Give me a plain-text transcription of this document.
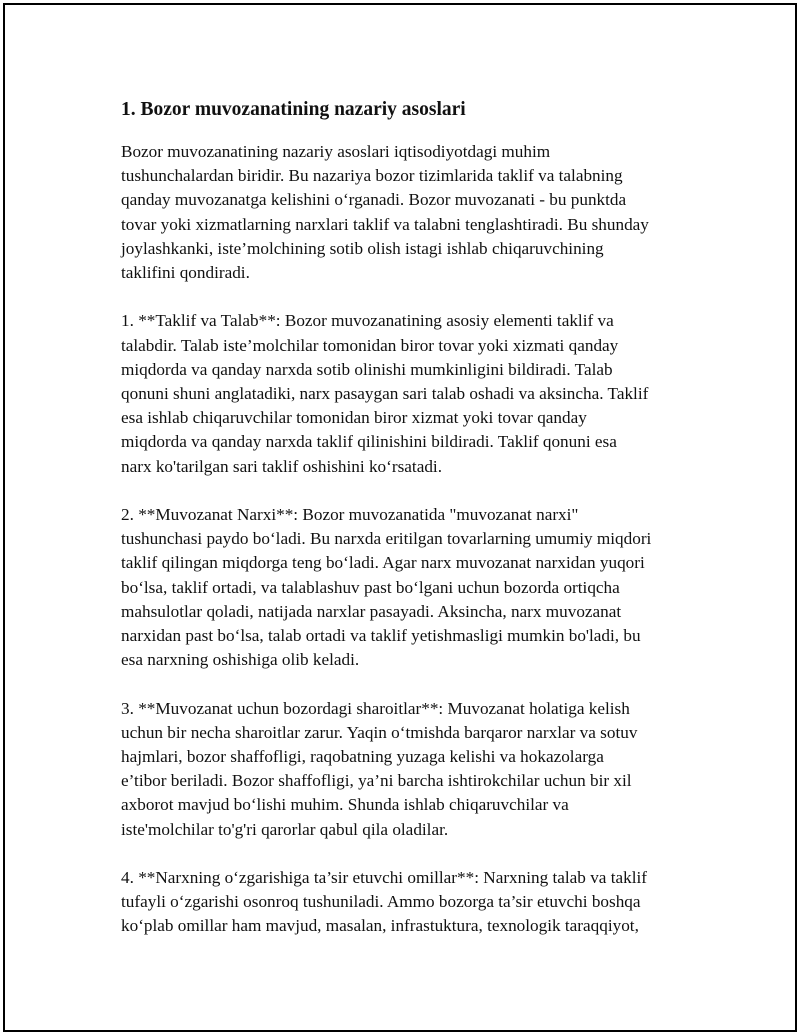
1. Bozor muvozanatining nazariy asoslari

Bozor muvozanatining nazariy asoslari iqtisodiyotdagi muhim
tushunchalardan biridir. Bu nazariya bozor tizimlarida taklif va talabning
qanday muvozanatga kelishini o‘rganadi. Bozor muvozanati - bu punktda
tovar yoki xizmatlarning narxlari taklif va talabni tenglashtiradi. Bu shunday
joylashkanki, iste’molchining sotib olish istagi ishlab chiqaruvchining
taklifini qondiradi.

1. **Taklif va Talab**: Bozor muvozanatining asosiy elementi taklif va
talabdir. Talab iste’molchilar tomonidan biror tovar yoki xizmati qanday
miqdorda va qanday narxda sotib olinishi mumkinligini bildiradi. Talab
qonuni shuni anglatadiki, narx pasaygan sari talab oshadi va aksincha. Taklif
esa ishlab chiqaruvchilar tomonidan biror xizmat yoki tovar qanday
miqdorda va qanday narxda taklif qilinishini bildiradi. Taklif qonuni esa
narx ko'tarilgan sari taklif oshishini ko‘rsatadi.

2. **Muvozanat Narxi**: Bozor muvozanatida "muvozanat narxi"
tushunchasi paydo bo‘ladi. Bu narxda eritilgan tovarlarning umumiy miqdori
taklif qilingan miqdorga teng bo‘ladi. Agar narx muvozanat narxidan yuqori
bo‘lsa, taklif ortadi, va talablashuv past bo‘lgani uchun bozorda ortiqcha
mahsulotlar qoladi, natijada narxlar pasayadi. Aksincha, narx muvozanat
narxidan past bo‘lsa, talab ortadi va taklif yetishmasligi mumkin bo'ladi, bu
esa narxning oshishiga olib keladi.

3. **Muvozanat uchun bozordagi sharoitlar**: Muvozanat holatiga kelish
uchun bir necha sharoitlar zarur. Yaqin o‘tmishda barqaror narxlar va sotuv
hajmlari, bozor shaffofligi, raqobatning yuzaga kelishi va hokazolarga
e’tibor beriladi. Bozor shaffofligi, ya’ni barcha ishtirokchilar uchun bir xil
axborot mavjud bo‘lishi muhim. Shunda ishlab chiqaruvchilar va
iste'molchilar to'g'ri qarorlar qabul qila oladilar.

4. **Narxning o‘zgarishiga ta’sir etuvchi omillar**: Narxning talab va taklif
tufayli o‘zgarishi osonroq tushuniladi. Ammo bozorga ta’sir etuvchi boshqa
ko‘plab omillar ham mavjud, masalan, infrastuktura, texnologik taraqqiyot,
